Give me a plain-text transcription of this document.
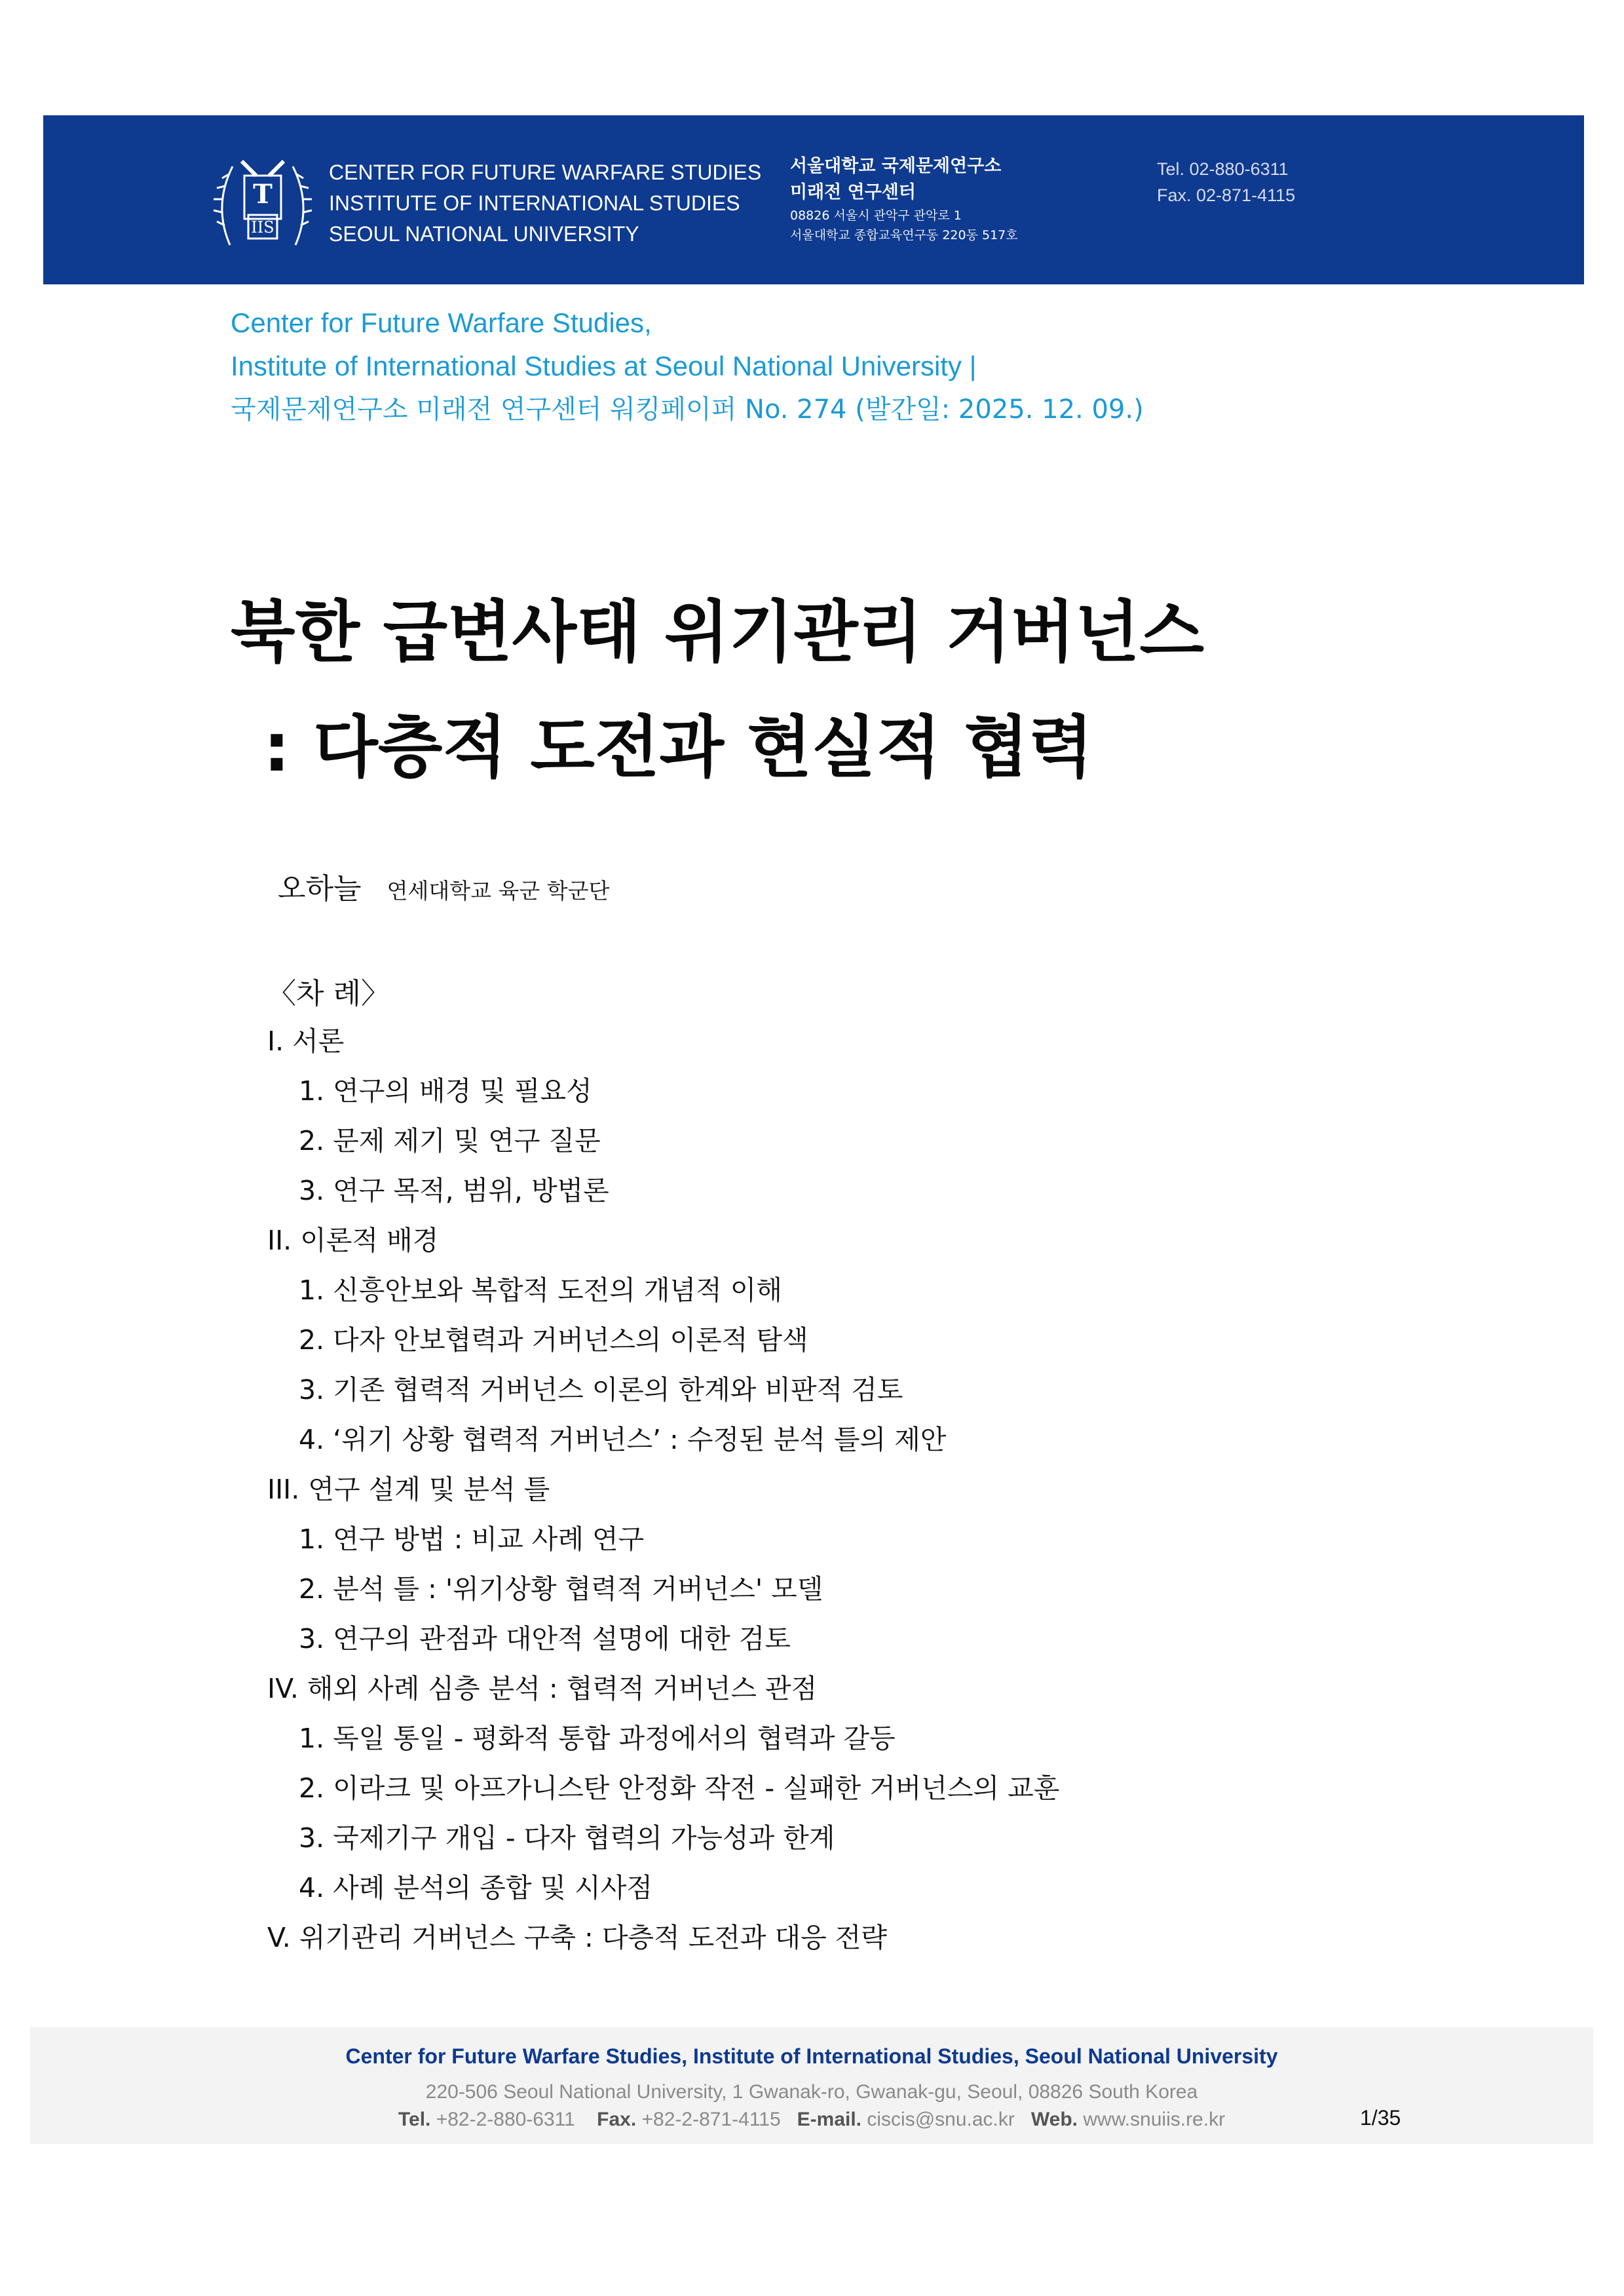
T
IIS
CENTER FOR FUTURE WARFARE STUDIES
INSTITUTE OF INTERNATIONAL STUDIES
SEOUL NATIONAL UNIVERSITY
서울대학교 국제문제연구소
미래전 연구센터
08826 서울시 관악구 관악로 1
서울대학교 종합교육연구동 220동 517호
Tel. 02-880-6311
Fax. 02-871-4115
Center for Future Warfare Studies,
Institute of International Studies at Seoul National University |
국제문제연구소 미래전 연구센터 워킹페이퍼 No. 274 (발간일: 2025. 12. 09.)
북한 급변사태 위기관리 거버넌스
: 다층적 도전과 현실적 협력
오하늘 연세대학교 육군 학군단
〈차 례〉
I. 서론
1. 연구의 배경 및 필요성
2. 문제 제기 및 연구 질문
3. 연구 목적, 범위, 방법론
II. 이론적 배경
1. 신흥안보와 복합적 도전의 개념적 이해
2. 다자 안보협력과 거버넌스의 이론적 탐색
3. 기존 협력적 거버넌스 이론의 한계와 비판적 검토
4. ‘위기 상황 협력적 거버넌스’ : 수정된 분석 틀의 제안
III. 연구 설계 및 분석 틀
1. 연구 방법 : 비교 사례 연구
2. 분석 틀 : '위기상황 협력적 거버넌스' 모델
3. 연구의 관점과 대안적 설명에 대한 검토
IV. 해외 사례 심층 분석 : 협력적 거버넌스 관점
1. 독일 통일 - 평화적 통합 과정에서의 협력과 갈등
2. 이라크 및 아프가니스탄 안정화 작전 - 실패한 거버넌스의 교훈
3. 국제기구 개입 - 다자 협력의 가능성과 한계
4. 사례 분석의 종합 및 시사점
V. 위기관리 거버넌스 구축 : 다층적 도전과 대응 전략
Center for Future Warfare Studies, Institute of International Studies, Seoul National University
220-506 Seoul National University, 1 Gwanak-ro, Gwanak-gu, Seoul, 08826 South Korea
Tel. +82-2-880-6311 Fax. +82-2-871-4115 E-mail. ciscis@snu.ac.kr Web. www.snuiis.re.kr	1/35
